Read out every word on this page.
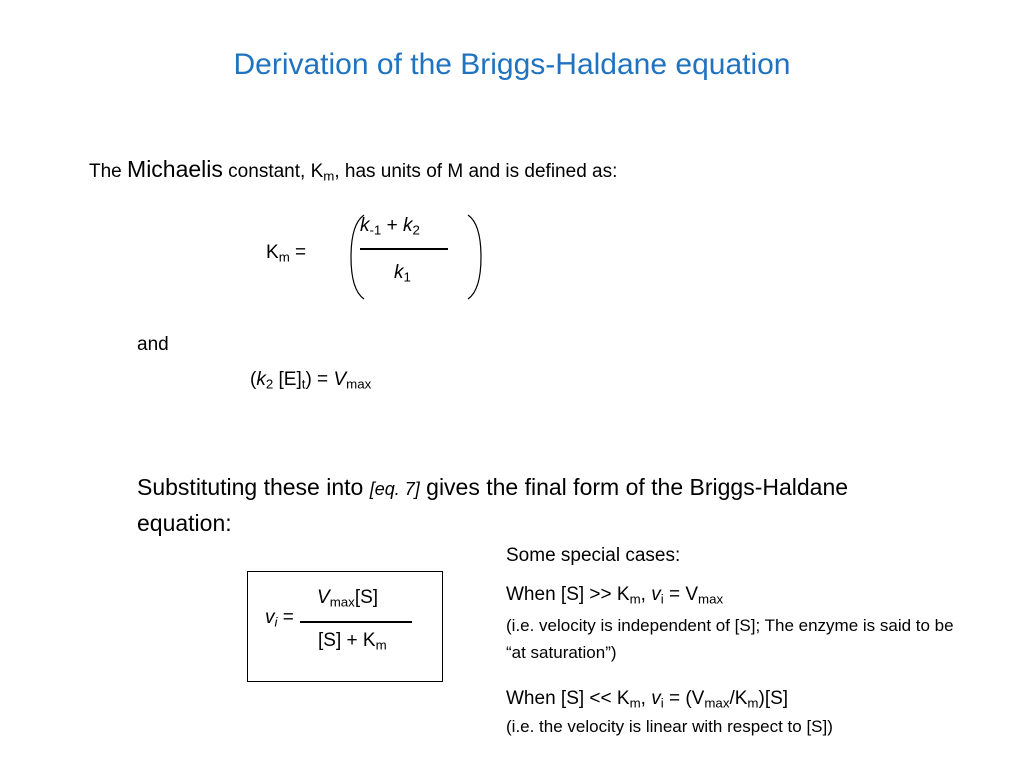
Derivation of the Briggs-Haldane equation
The Michaelis constant, $K_m$, has units of M and is defined as:
$K_m$ =
$k_{-1} + k_2$
$k_1$
and
($k_2$ $[E]_t) = V_{max}$
Substituting these into [eq. 7] gives the final form of the Briggs-Haldane equation:
$v_i$ =
$V_{max}[S]$
$[S] + K_m$
Some special cases:
When $[S] >> K_m$, $v_i = V_{max}$
(i.e. velocity is independent of [S]; The enzyme is said to be “at saturation”)
When $[S] << K_m$, $v_i = (V_{max}/K_m)[S]$
(i.e. the velocity is linear with respect to [S])
